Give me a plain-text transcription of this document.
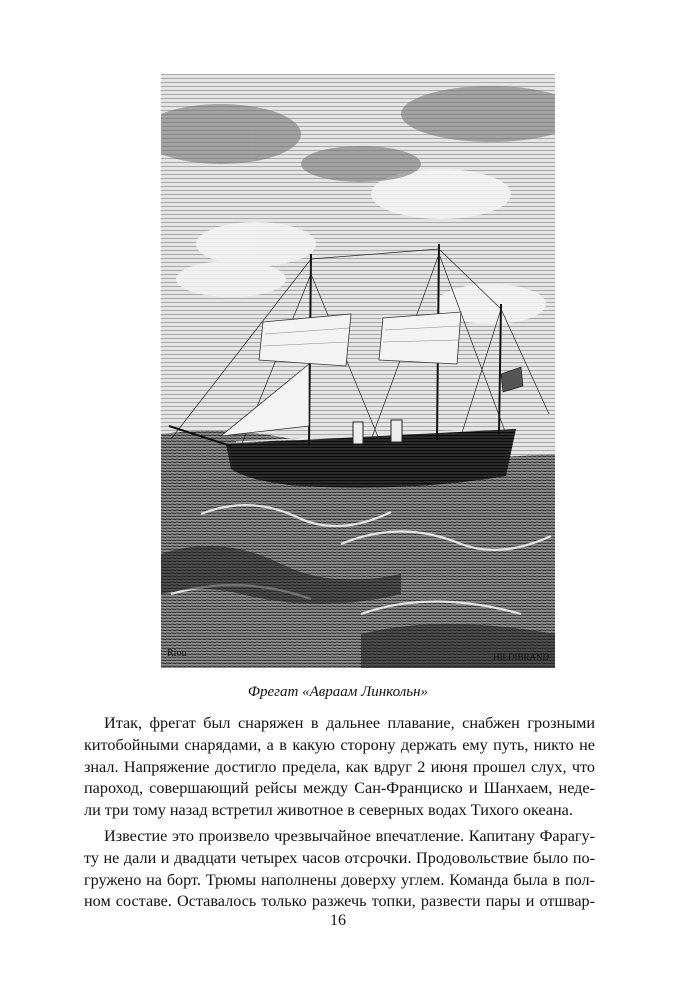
Riou	HILDIBRAND
Фрегат «Авраам Линкольн»

Итак, фрегат был снаряжен в дальнее плавание, снабжен грозными
китобойными снарядами, а в какую сторону держать ему путь, никто не
знал. Напряжение достигло предела, как вдруг 2 июня прошел слух, что
пароход, совершающий рейсы между Сан-Франциско и Шанхаем, неде-
ли три тому назад встретил животное в северных водах Тихого океана.

Известие это произвело чрезвычайное впечатление. Капитану Фарагу-
ту не дали и двадцати четырех часов отсрочки. Продовольствие было по-
гружено на борт. Трюмы наполнены доверху углем. Команда была в пол-
ном составе. Оставалось только разжечь топки, развести пары и отшвар-

16
